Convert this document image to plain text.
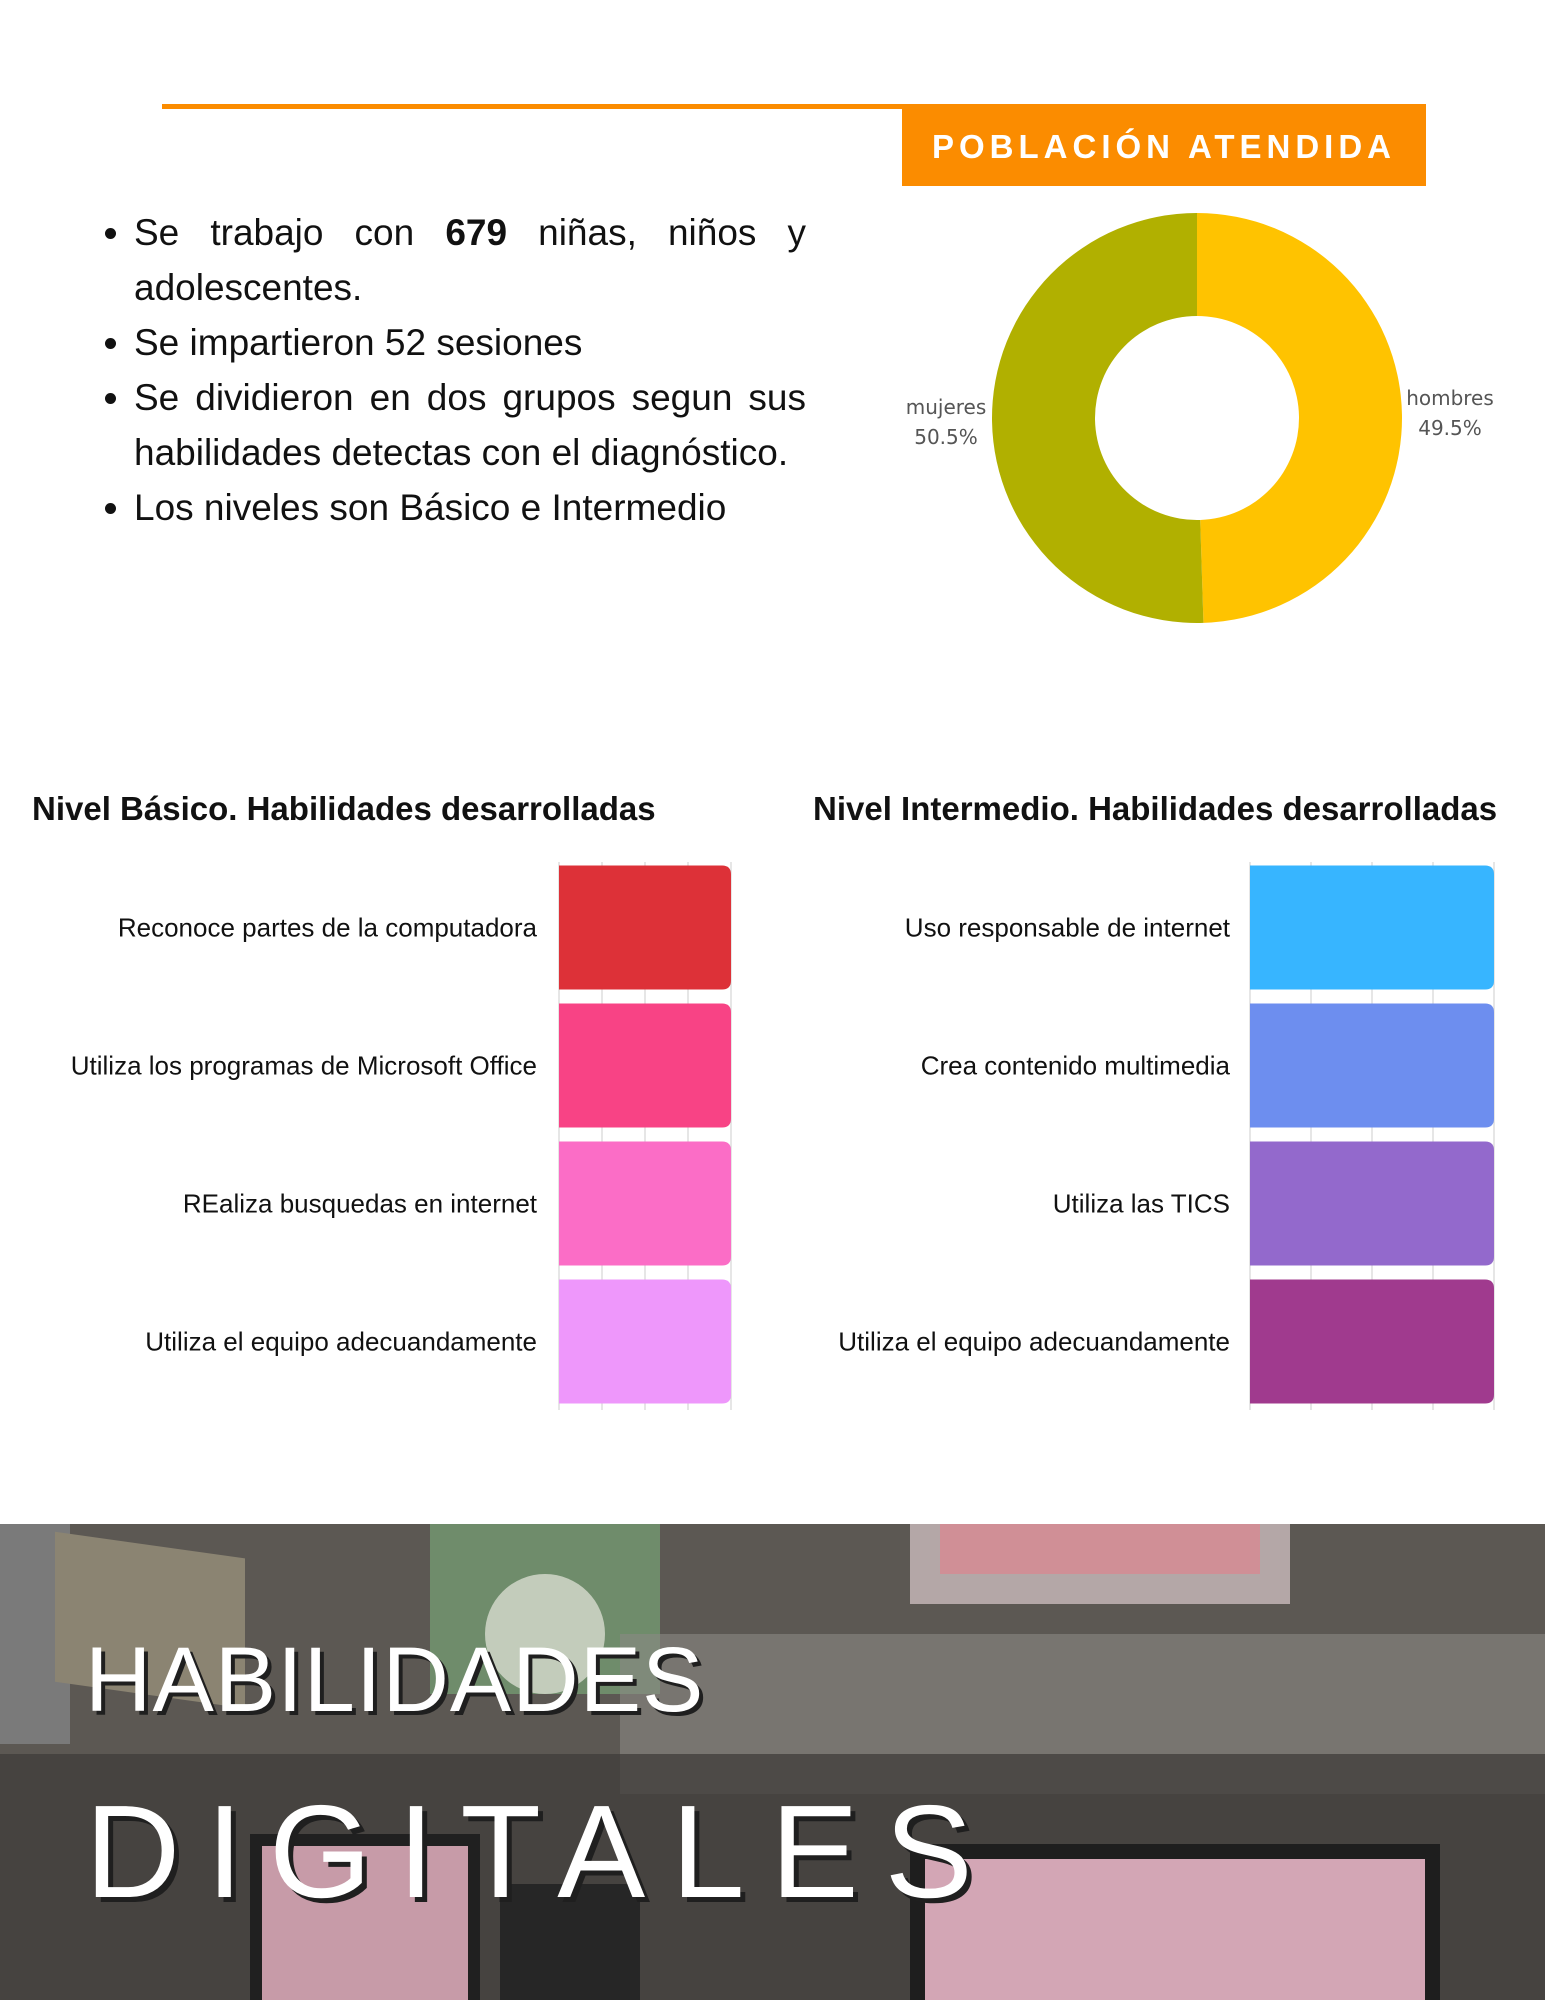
POBLACIÓN ATENDIDA
• Se trabajo con 679 niñas, niños y adolescentes.
• Se impartieron 52 sesiones
• Se dividieron en dos grupos segun sus habilidades detectas con el diagnóstico.
• Los niveles son Básico e Intermedio
hombres
49.5%
mujeres
50.5%
Nivel Básico. Habilidades desarrolladas	Nivel Intermedio. Habilidades desarrolladas
Reconoce partes de la computadora
Utiliza los programas de Microsoft Office
REaliza busquedas en internet
Utiliza el equipo adecuandamente
Uso responsable de internet
Crea contenido multimedia
Utiliza las TICS
Utiliza el equipo adecuandamente
HABILIDADES
DIGITALES
